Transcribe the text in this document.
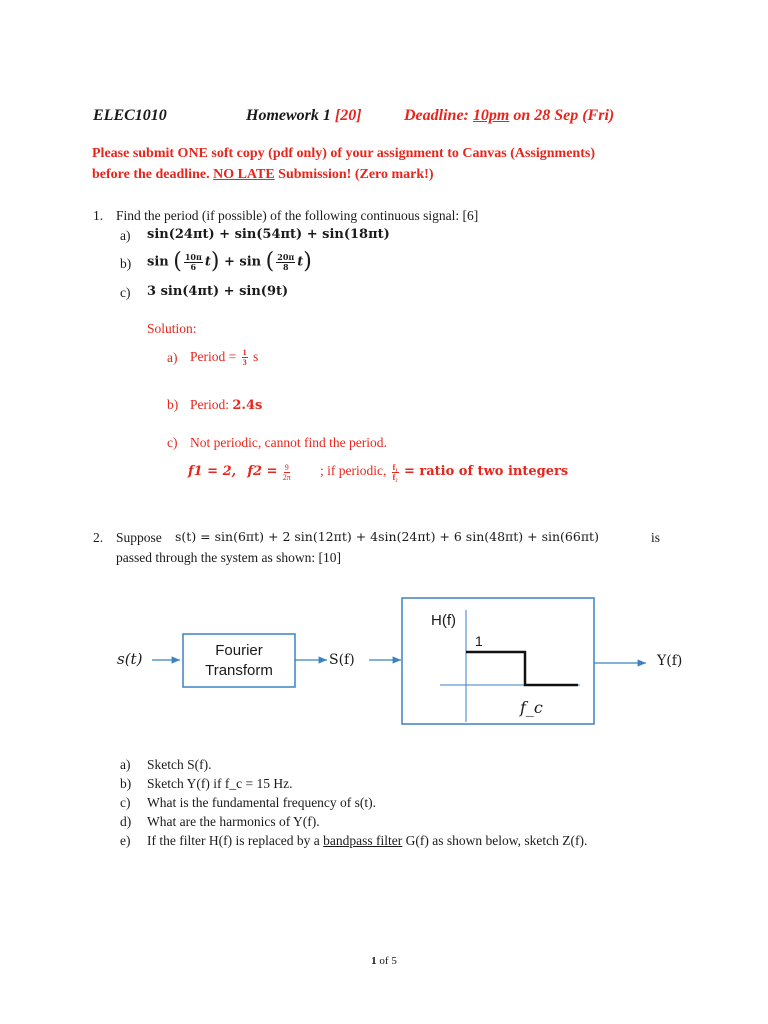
ELEC1010	Homework 1 [20]	Deadline: 10pm on 28 Sep (Fri)
Please submit ONE soft copy (pdf only) of your assignment to Canvas (Assignments)
before the deadline. NO LATE Submission! (Zero mark!)
1. Find the period (if possible) of the following continuous signal: [6]
a) sin(24πt) + sin(54πt) + sin(18πt)
b) sin ( $\frac{10\pi}{6} t) + \sin$ ( $\frac{20\pi}{8} t$)
c) 3 sin(4πt) + sin(9t)
Solution:
a) Period = $\frac{1}{3}$ s
b) Period: 2.4s
c) Not periodic, cannot find the period.
f1 = 2, $f2 = \frac{9}{2\pi}$ ; if periodic, $\frac{\text{f₁}}{\text{f₂}}$ = ratio of two integers
2. Suppose s(t) = sin(6πt) + 2 sin(12πt) + 4sin(24πt) + 6 sin(48πt) + sin(66πt)	is
passed through the system as shown: [10]
s(t)	Fourier
Transform
S(f)
H(f)
1
f_c
Y(f)
a) Sketch S(f).
b) Sketch Y(f) if f_c = 15 Hz.
c) What is the fundamental frequency of s(t).
d) What are the harmonics of Y(f).
e) If the filter H(f) is replaced by a bandpass filter G(f) as shown below, sketch Z(f).
1 of 5
